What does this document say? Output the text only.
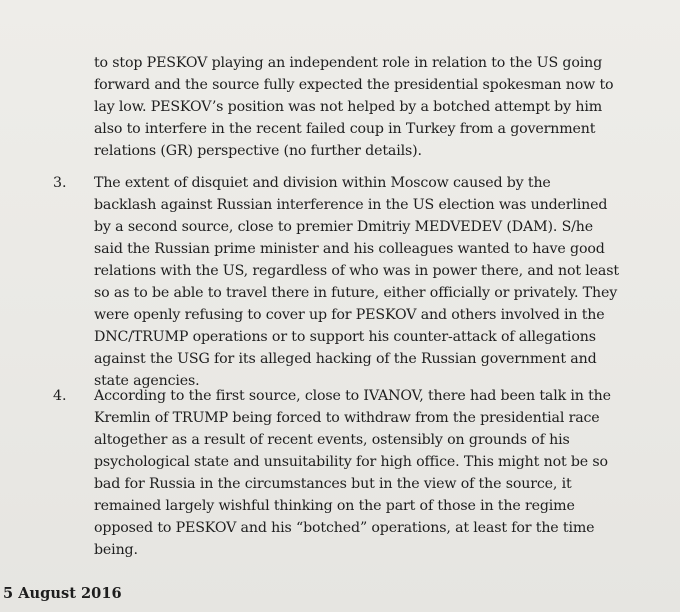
to stop PESKOV playing an independent role in relation to the US going
forward and the source fully expected the presidential spokesman now to
lay low. PESKOV’s position was not helped by a botched attempt by him
also to interfere in the recent failed coup in Turkey from a government
relations (GR) perspective (no further details).

3. The extent of disquiet and division within Moscow caused by the
backlash against Russian interference in the US election was underlined
by a second source, close to premier Dmitriy MEDVEDEV (DAM). S/he
said the Russian prime minister and his colleagues wanted to have good
relations with the US, regardless of who was in power there, and not least
so as to be able to travel there in future, either officially or privately. They
were openly refusing to cover up for PESKOV and others involved in the
DNC/TRUMP operations or to support his counter-attack of allegations
against the USG for its alleged hacking of the Russian government and
state agencies.

4. According to the first source, close to IVANOV, there had been talk in the
Kremlin of TRUMP being forced to withdraw from the presidential race
altogether as a result of recent events, ostensibly on grounds of his
psychological state and unsuitability for high office. This might not be so
bad for Russia in the circumstances but in the view of the source, it
remained largely wishful thinking on the part of those in the regime
opposed to PESKOV and his “botched” operations, at least for the time
being.

5 August 2016
